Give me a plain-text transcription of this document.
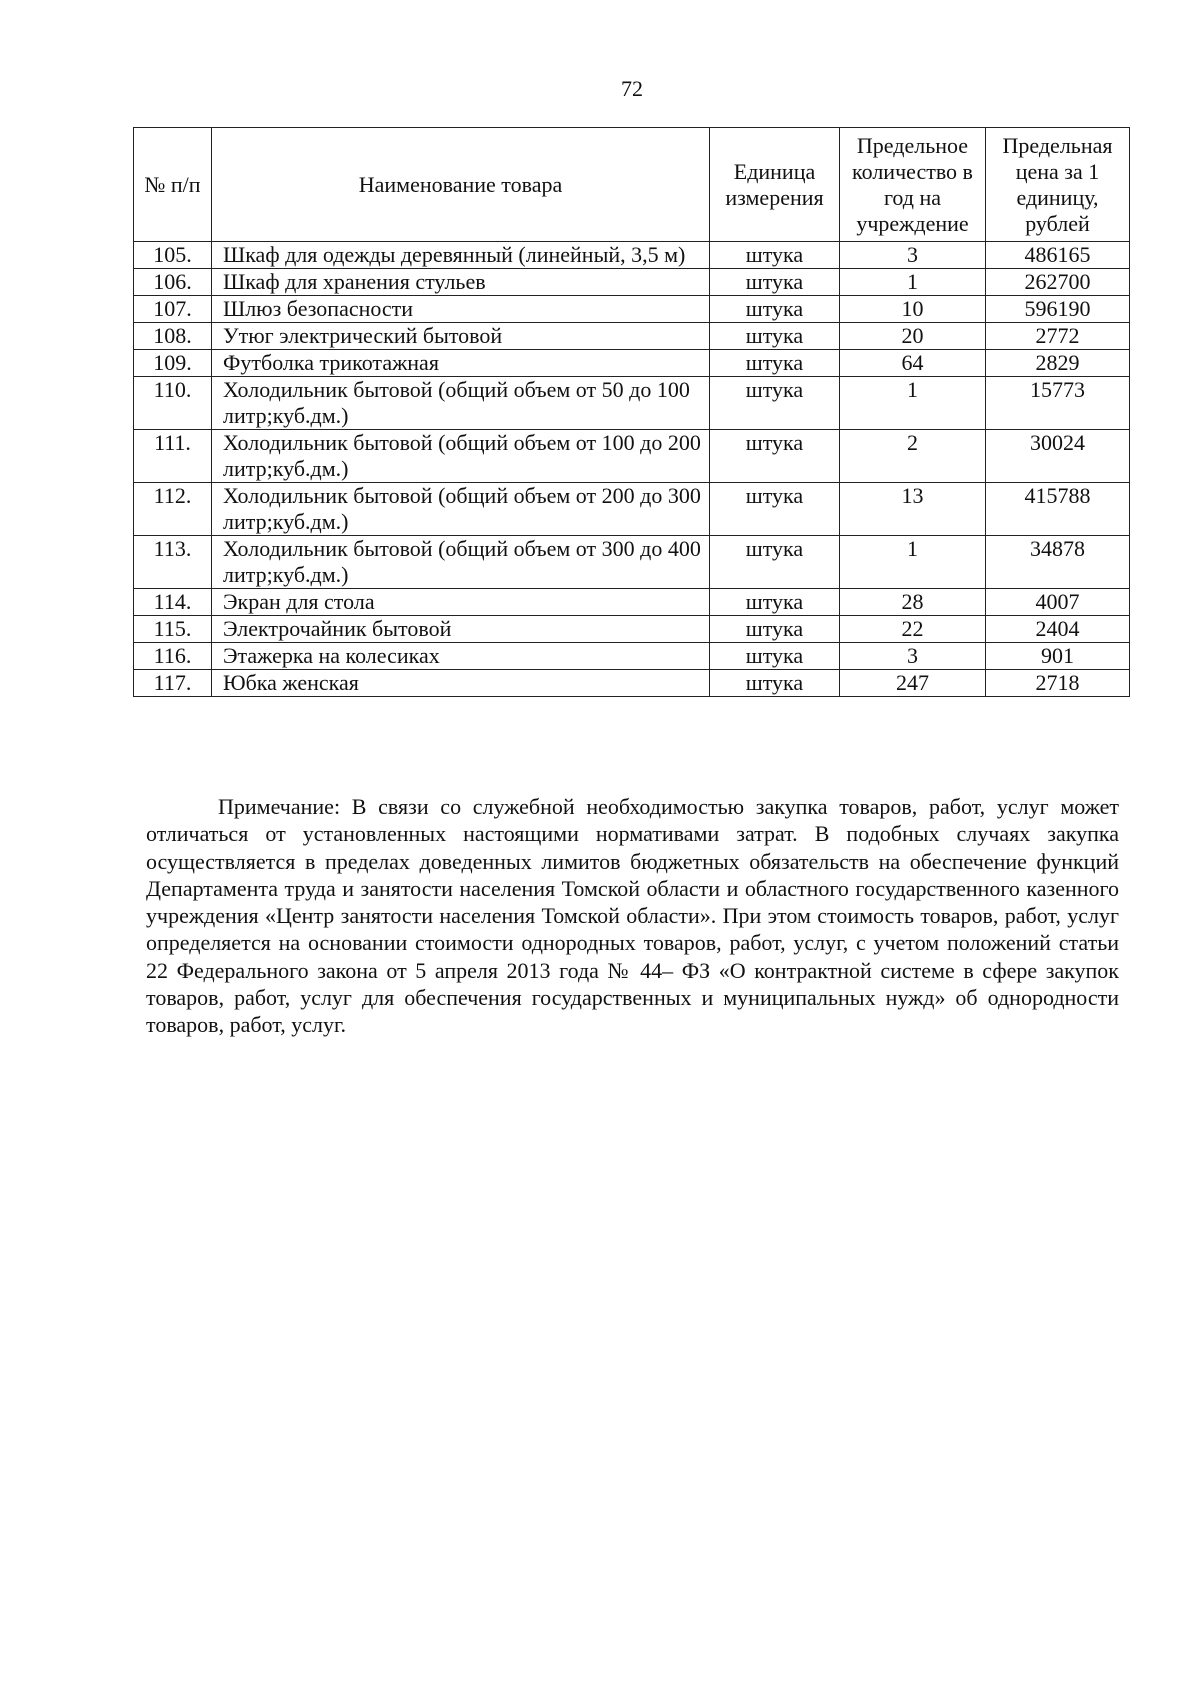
72
№ п/п	Наименование товара	Единица измерения	Предельное количество в год на учреждение	Предельная цена за 1 единицу, рублей
105.	Шкаф для одежды деревянный (линейный, 3,5 м)	штука	3	486165
106.	Шкаф для хранения стульев	штука	1	262700
107.	Шлюз безопасности	штука	10	596190
108.	Утюг электрический бытовой	штука	20	2772
109.	Футболка трикотажная	штука	64	2829
110.	Холодильник бытовой (общий объем от 50 до 100 литр;куб.дм.)	штука	1	15773
111.	Холодильник бытовой (общий объем от 100 до 200 литр;куб.дм.)	штука	2	30024
112.	Холодильник бытовой (общий объем от 200 до 300 литр;куб.дм.)	штука	13	415788
113.	Холодильник бытовой (общий объем от 300 до 400 литр;куб.дм.)	штука	1	34878
114.	Экран для стола	штука	28	4007
115.	Электрочайник бытовой	штука	22	2404
116.	Этажерка на колесиках	штука	3	901
117.	Юбка женская	штука	247	2718

Примечание: В связи со служебной необходимостью закупка товаров, работ, услуг может отличаться от установленных настоящими нормативами затрат. В подобных случаях закупка осуществляется в пределах доведенных лимитов бюджетных обязательств на обеспечение функций Департамента труда и занятости населения Томской области и областного государственного казенного учреждения «Центр занятости населения Томской области». При этом стоимость товаров, работ, услуг определяется на основании стоимости однородных товаров, работ, услуг, с учетом положений статьи 22 Федерального закона от 5 апреля 2013 года № 44– ФЗ «О контрактной системе в сфере закупок товаров, работ, услуг для обеспечения государственных и муниципальных нужд» об однородности товаров, работ, услуг.
